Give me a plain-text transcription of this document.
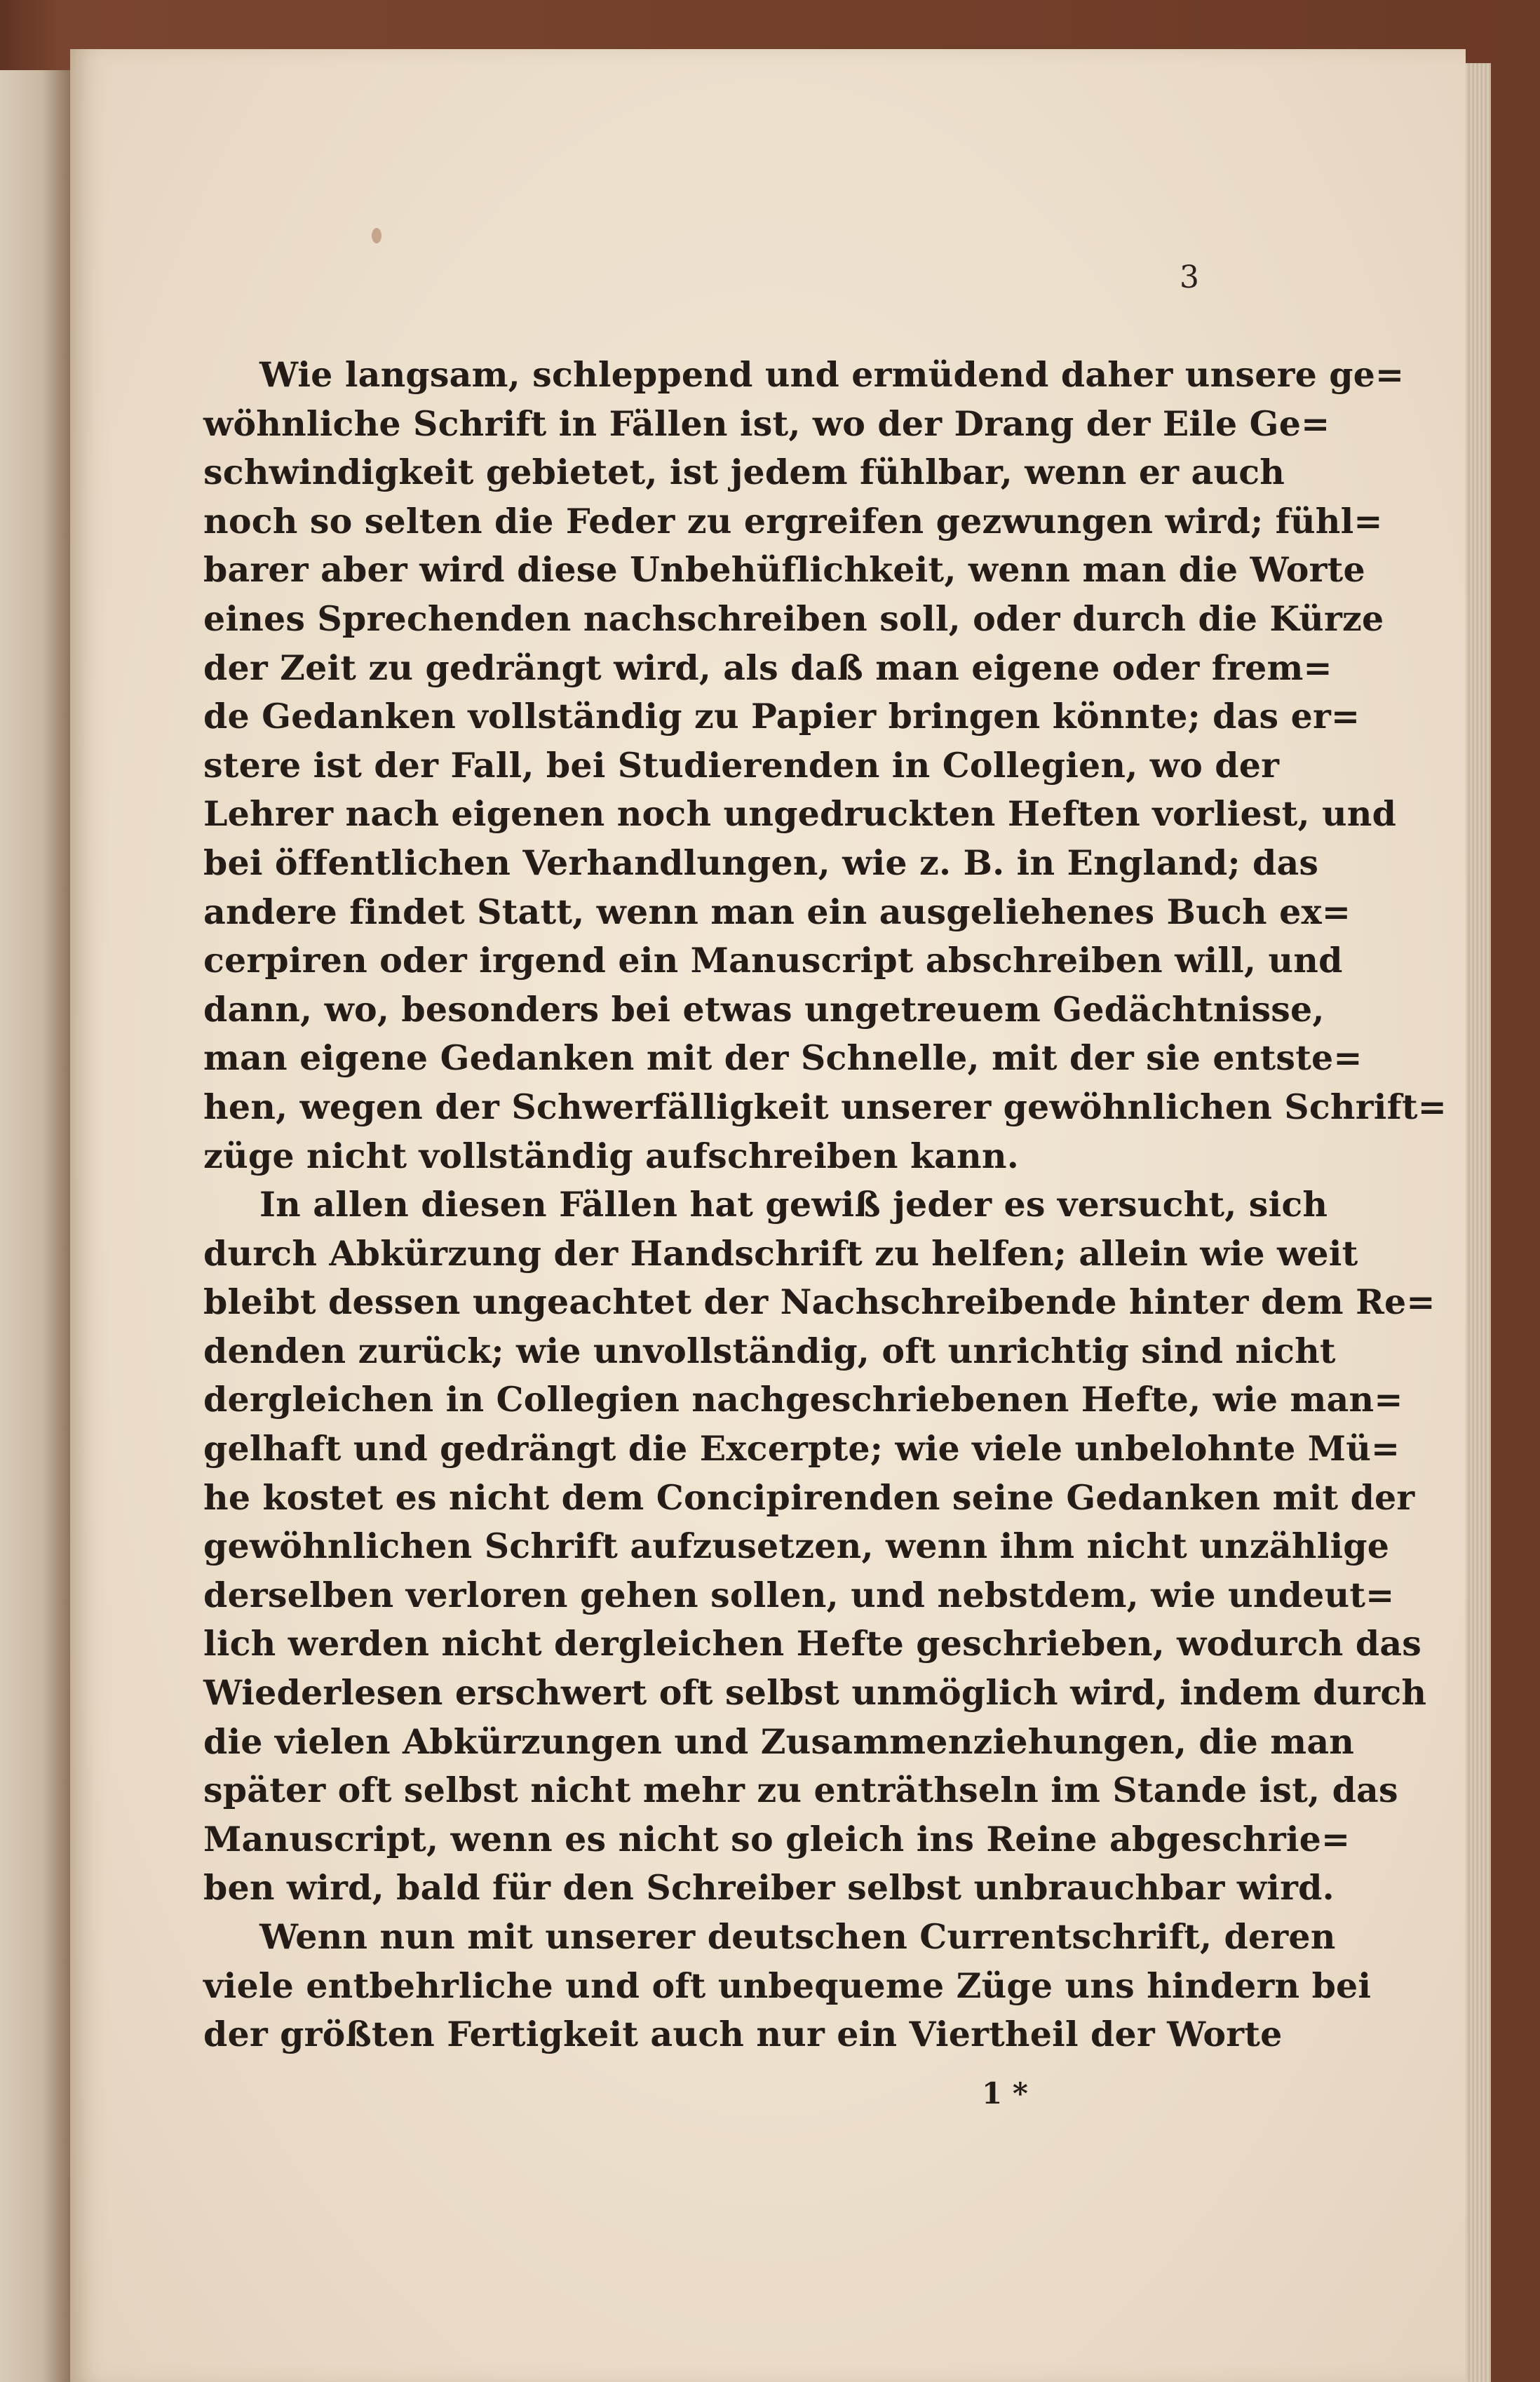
3
Wie langsam, schleppend und ermüdend daher unsere ge=
wöhnliche Schrift in Fällen ist, wo der Drang der Eile Ge=
schwindigkeit gebietet, ist jedem fühlbar, wenn er auch
noch so selten die Feder zu ergreifen gezwungen wird; fühl=
barer aber wird diese Unbehüflichkeit, wenn man die Worte
eines Sprechenden nachschreiben soll, oder durch die Kürze
der Zeit zu gedrängt wird, als daß man eigene oder frem=
de Gedanken vollständig zu Papier bringen könnte; das er=
stere ist der Fall, bei Studierenden in Collegien, wo der
Lehrer nach eigenen noch ungedruckten Heften vorliest, und
bei öffentlichen Verhandlungen, wie z. B. in England; das
andere findet Statt, wenn man ein ausgeliehenes Buch ex=
cerpiren oder irgend ein Manuscript abschreiben will, und
dann, wo, besonders bei etwas ungetreuem Gedächtnisse,
man eigene Gedanken mit der Schnelle, mit der sie entste=
hen, wegen der Schwerfälligkeit unserer gewöhnlichen Schrift=
züge nicht vollständig aufschreiben kann.
In allen diesen Fällen hat gewiß jeder es versucht, sich
durch Abkürzung der Handschrift zu helfen; allein wie weit
bleibt dessen ungeachtet der Nachschreibende hinter dem Re=
denden zurück; wie unvollständig, oft unrichtig sind nicht
dergleichen in Collegien nachgeschriebenen Hefte, wie man=
gelhaft und gedrängt die Excerpte; wie viele unbelohnte Mü=
he kostet es nicht dem Concipirenden seine Gedanken mit der
gewöhnlichen Schrift aufzusetzen, wenn ihm nicht unzählige
derselben verloren gehen sollen, und nebstdem, wie undeut=
lich werden nicht dergleichen Hefte geschrieben, wodurch das
Wiederlesen erschwert oft selbst unmöglich wird, indem durch
die vielen Abkürzungen und Zusammenziehungen, die man
später oft selbst nicht mehr zu enträthseln im Stande ist, das
Manuscript, wenn es nicht so gleich ins Reine abgeschrie=
ben wird, bald für den Schreiber selbst unbrauchbar wird.
Wenn nun mit unserer deutschen Currentschrift, deren
viele entbehrliche und oft unbequeme Züge uns hindern bei
der größten Fertigkeit auch nur ein Viertheil der Worte
1 *
